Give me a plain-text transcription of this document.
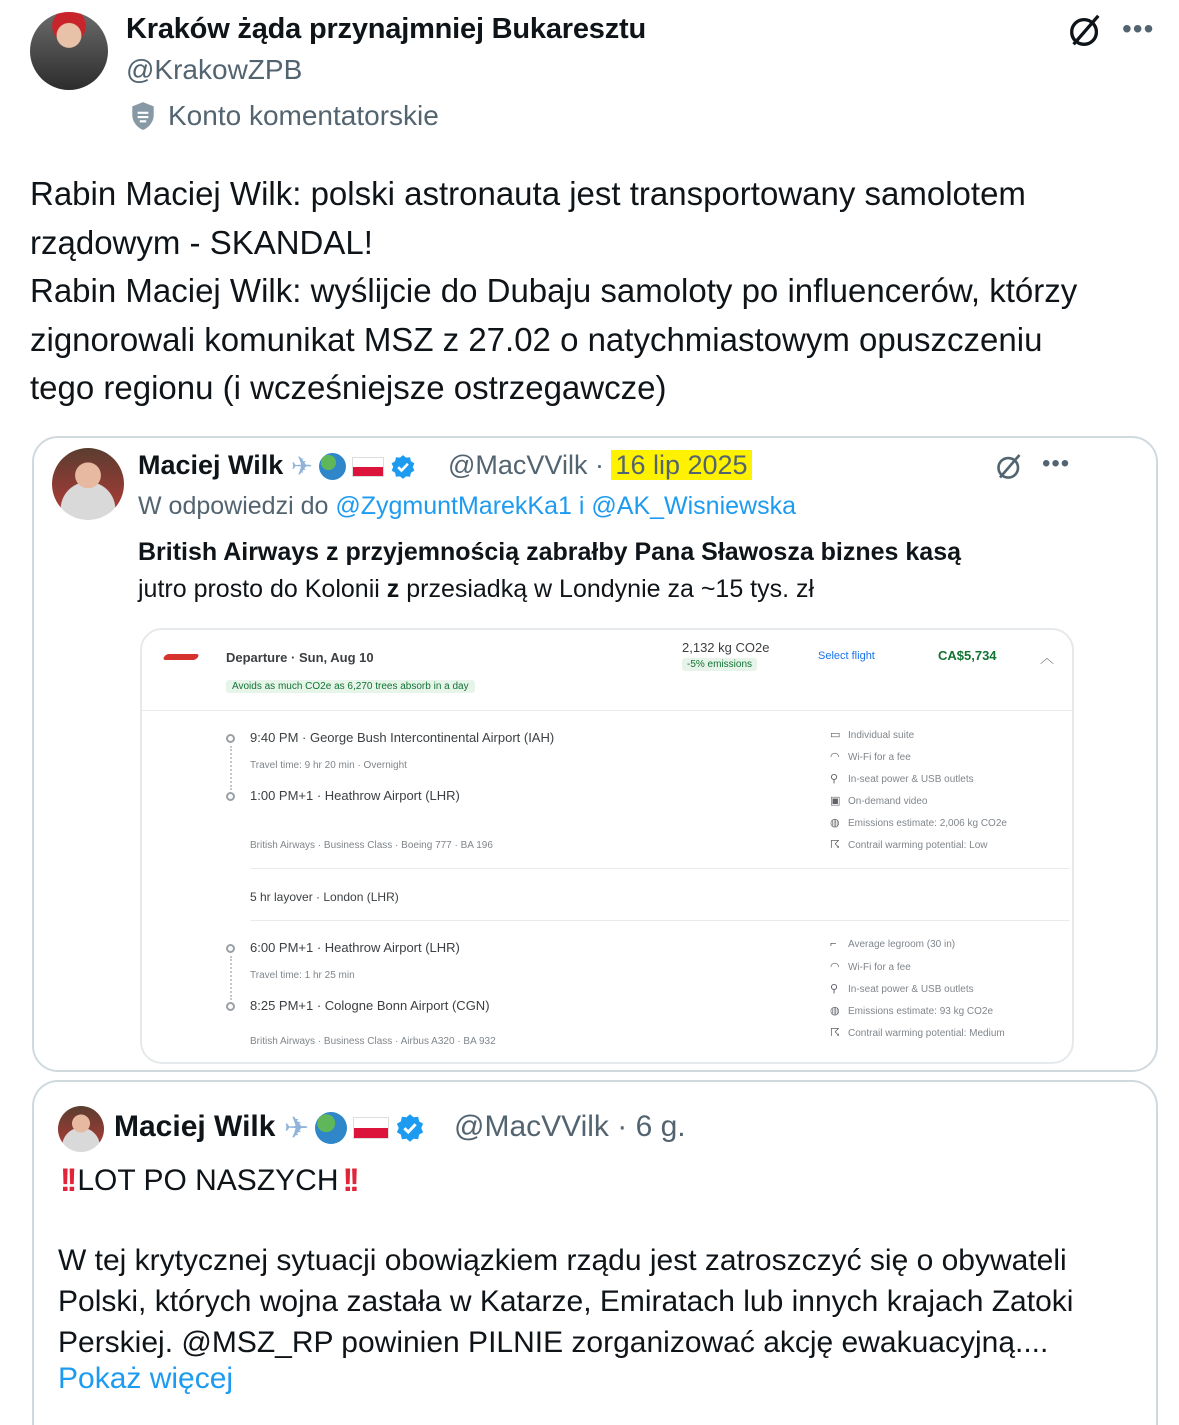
Kraków żąda przynajmniej Bukaresztu
@KrakowZPB
Konto komentatorskie
•••
Rabin Maciej Wilk: polski astronauta jest transportowany samolotem
rządowym - SKANDAL!
Rabin Maciej Wilk: wyślijcie do Dubaju samoloty po influencerów, którzy
zignorowali komunikat MSZ z 27.02 o natychmiastowym opuszczeniu
tego regionu (i wcześniejsze ostrzegawcze)
Maciej Wilk ✈	@MacVVilk · 16 lip 2025	•••
W odpowiedzi do @ZygmuntMarekKa1 i @AK_Wisniewska
British Airways z przyjemnością zabrałby Pana Sławosza biznes kasą
jutro prosto do Kolonii z przesiadką w Londynie za ~15 tys. zł
Departure · Sun, Aug 10
Avoids as much CO2e as 6,270 trees absorb in a day
2,132 kg CO2e
-5% emissions
Select flight	CA$5,734	︿
9:40 PM · George Bush Intercontinental Airport (IAH)
Travel time: 9 hr 20 min · Overnight
1:00 PM+1 · Heathrow Airport (LHR)
British Airways · Business Class · Boeing 777 · BA 196
▭ Individual suite
◠ Wi-Fi for a fee
⚲ In-seat power & USB outlets
▣ On-demand video
◍ Emissions estimate: 2,006 kg CO2e
☈ Contrail warming potential: Low
5 hr layover · London (LHR)
6:00 PM+1 · Heathrow Airport (LHR)
Travel time: 1 hr 25 min
8:25 PM+1 · Cologne Bonn Airport (CGN)
British Airways · Business Class · Airbus A320 · BA 932
⌐ Average legroom (30 in)
◠ Wi-Fi for a fee
⚲ In-seat power & USB outlets
◍ Emissions estimate: 93 kg CO2e
☈ Contrail warming potential: Medium
Maciej Wilk ✈	@MacVVilk · 6 g.
!! LOT PO NASZYCH !!
W tej krytycznej sytuacji obowiązkiem rządu jest zatroszczyć się o obywateli
Polski, których wojna zastała w Katarze, Emiratach lub innych krajach Zatoki
Perskiej. @MSZ_RP powinien PILNIE zorganizować akcję ewakuacyjną....
Pokaż więcej
